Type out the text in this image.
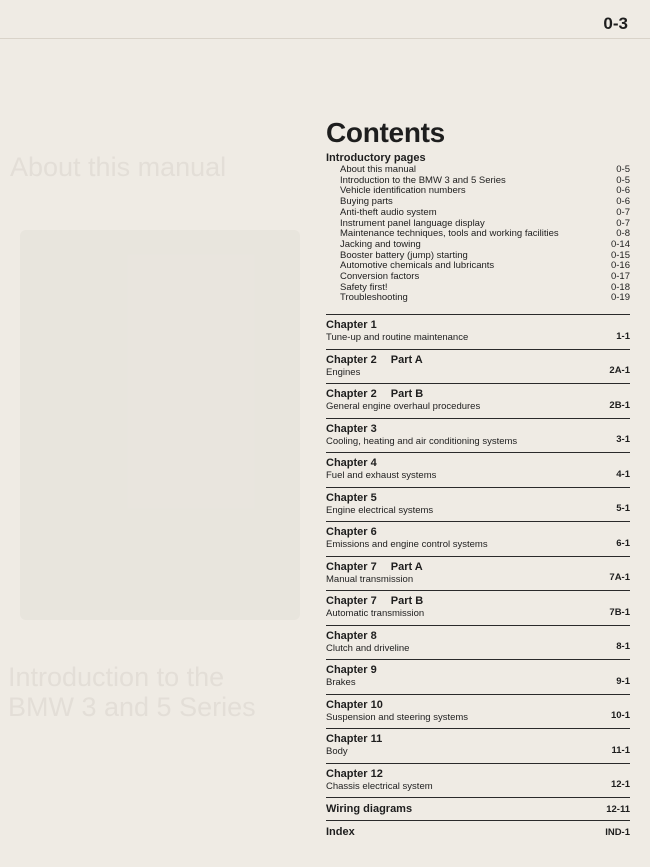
0-3
About this manual
Introduction to the
BMW 3 and 5 Series
Contents
Introductory pages
About this manual	0-5
Introduction to the BMW 3 and 5 Series	0-5
Vehicle identification numbers	0-6
Buying parts	0-6
Anti-theft audio system	0-7
Instrument panel language display	0-7
Maintenance techniques, tools and working facilities	0-8
Jacking and towing	0-14
Booster battery (jump) starting	0-15
Automotive chemicals and lubricants	0-16
Conversion factors	0-17
Safety first!	0-18
Troubleshooting	0-19
Chapter 1
Tune-up and routine maintenance	1-1
Chapter 2 Part A
Engines	2A-1
Chapter 2 Part B
General engine overhaul procedures	2B-1
Chapter 3
Cooling, heating and air conditioning systems	3-1
Chapter 4
Fuel and exhaust systems	4-1
Chapter 5
Engine electrical systems	5-1
Chapter 6
Emissions and engine control systems	6-1
Chapter 7 Part A
Manual transmission	7A-1
Chapter 7 Part B
Automatic transmission	7B-1
Chapter 8
Clutch and driveline	8-1
Chapter 9
Brakes	9-1
Chapter 10
Suspension and steering systems	10-1
Chapter 11
Body	11-1
Chapter 12
Chassis electrical system	12-1
Wiring diagrams	12-11
Index	IND-1
